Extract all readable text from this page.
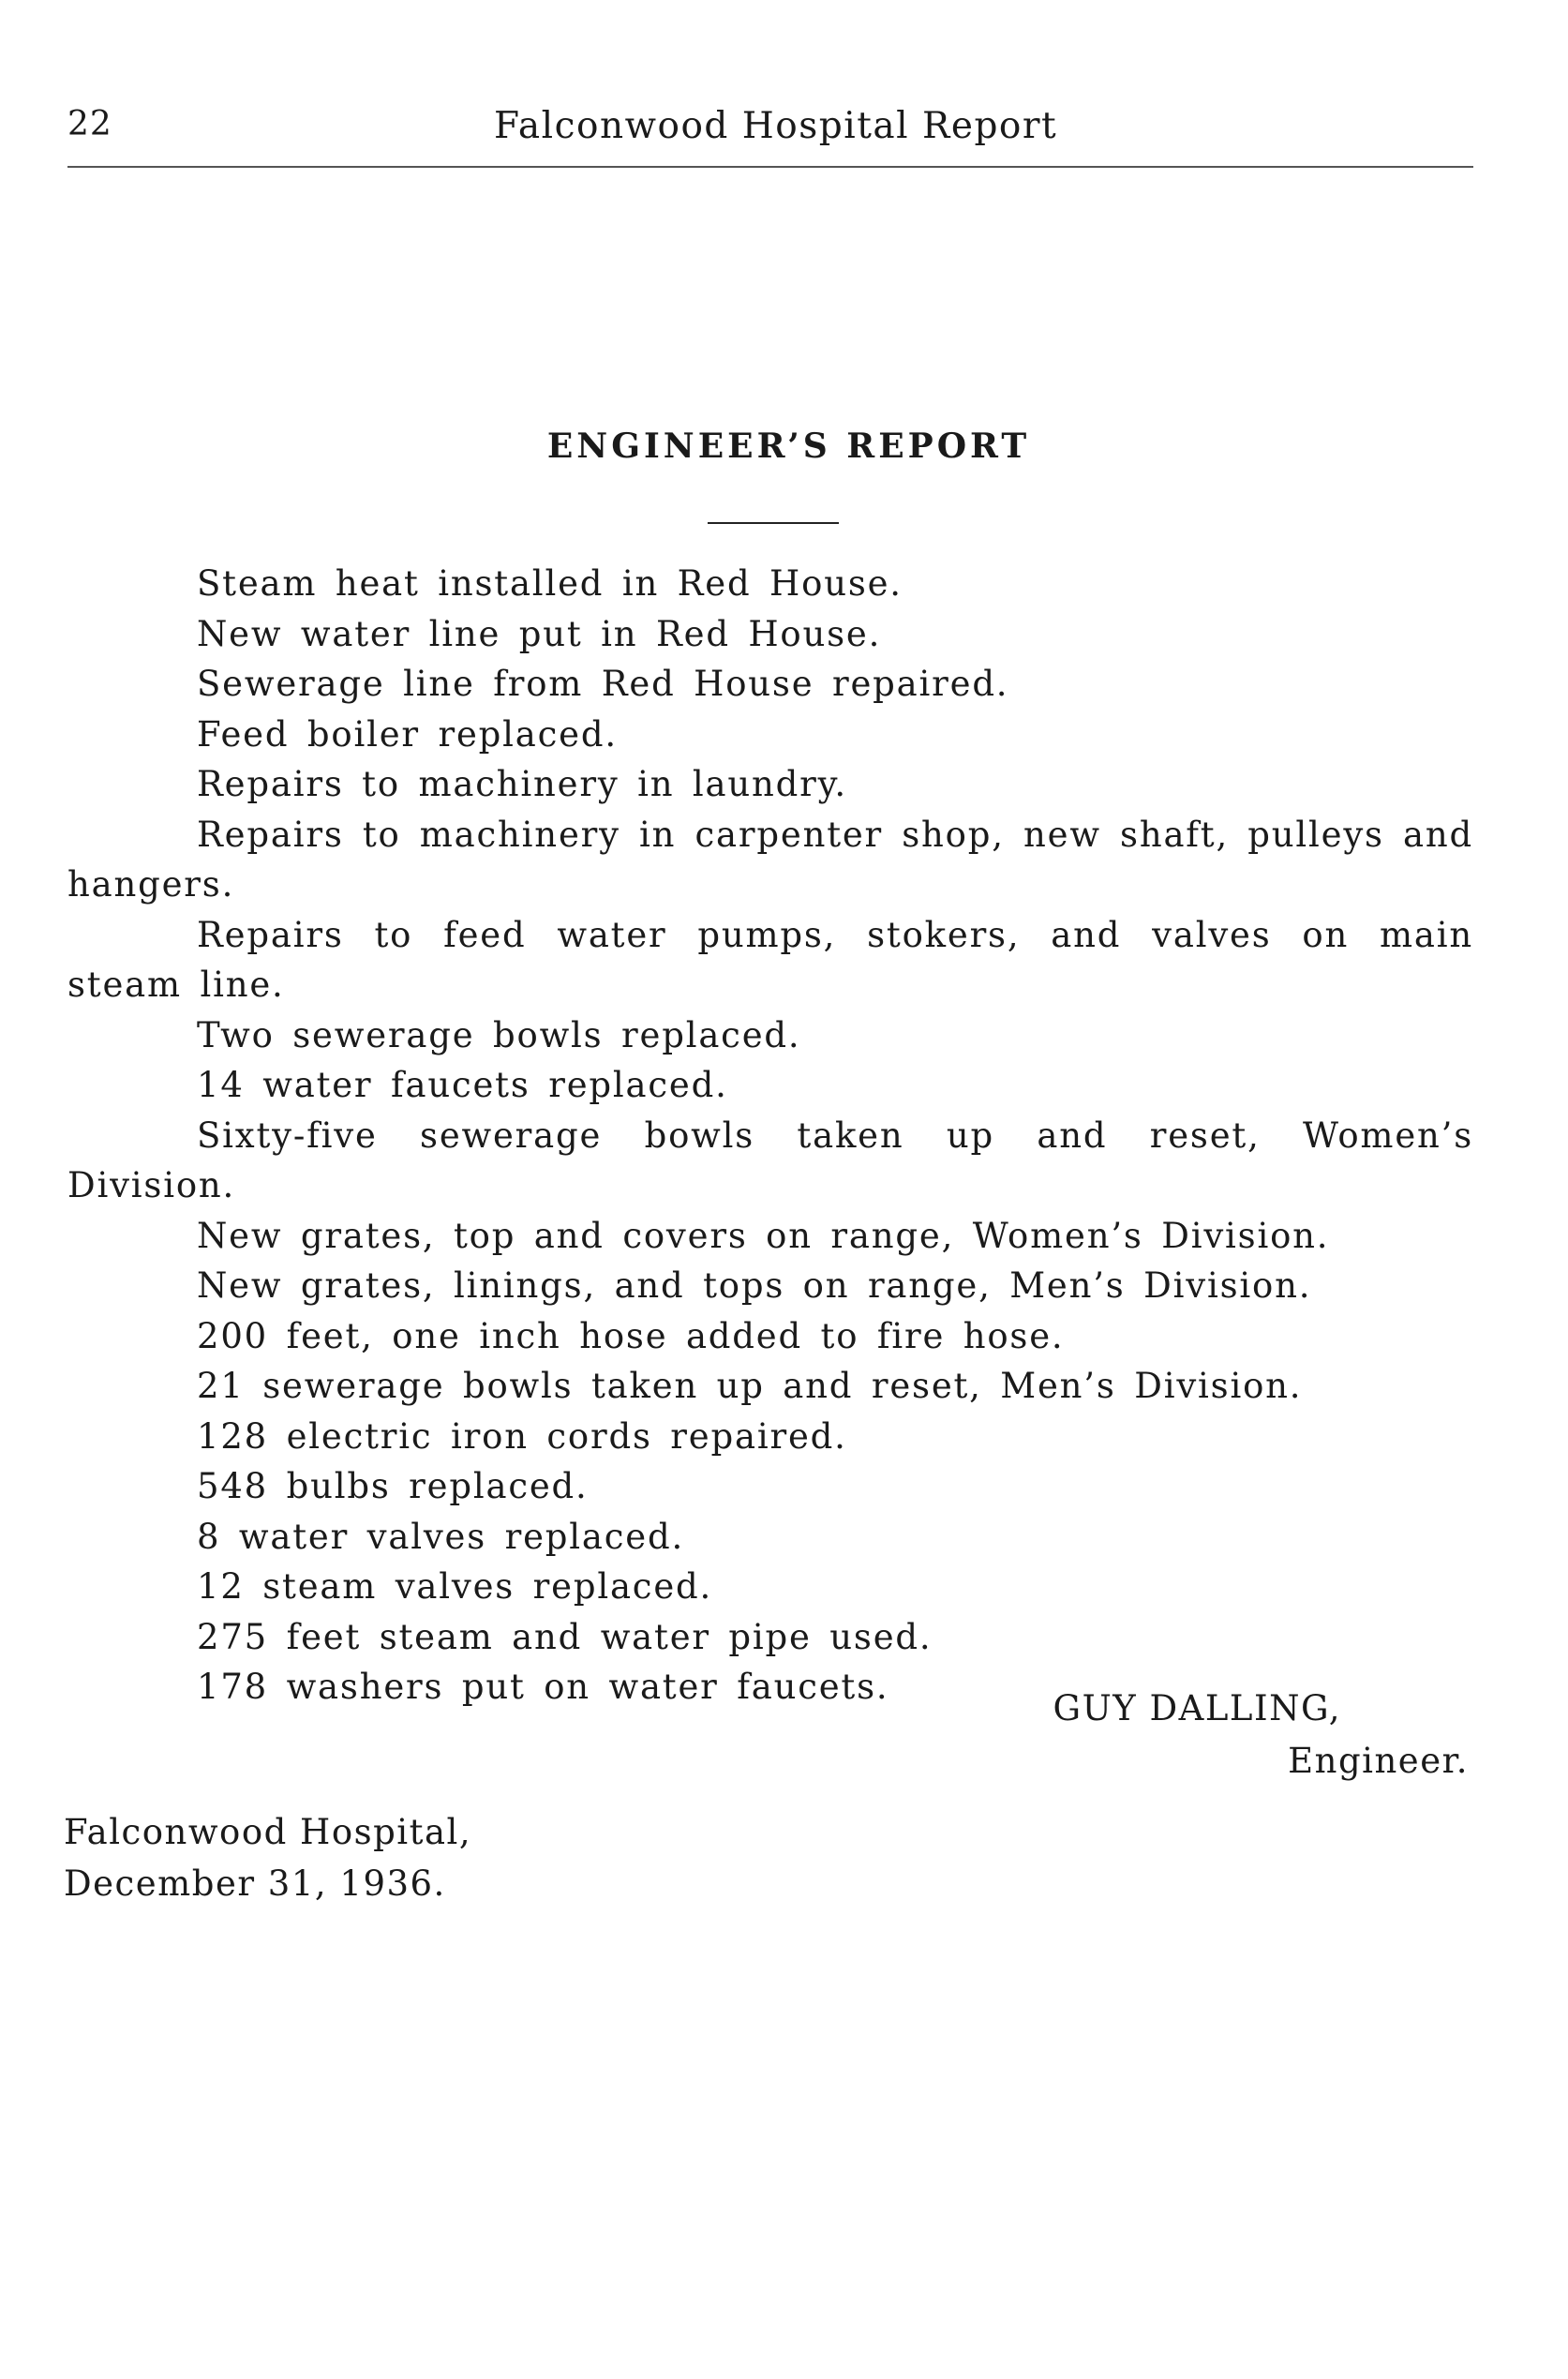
22	Falconwood Hospital Report
ENGINEER’S REPORT
Steam heat installed in Red House.
New water line put in Red House.
Sewerage line from Red House repaired.
Feed boiler replaced.
Repairs to machinery in laundry.
Repairs to machinery in carpenter shop, new shaft, pulleys and hangers.
Repairs to feed water pumps, stokers, and valves on main steam line.
Two sewerage bowls replaced.
14 water faucets replaced.
Sixty-five sewerage bowls taken up and reset, Women’s Division.
New grates, top and covers on range, Women’s Division.
New grates, linings, and tops on range, Men’s Division.
200 feet, one inch hose added to fire hose.
21 sewerage bowls taken up and reset, Men’s Division.
128 electric iron cords repaired.
548 bulbs replaced.
8 water valves replaced.
12 steam valves replaced.
275 feet steam and water pipe used.
178 washers put on water faucets.
GUY DALLING,
Engineer.
Falconwood Hospital,
December 31, 1936.
